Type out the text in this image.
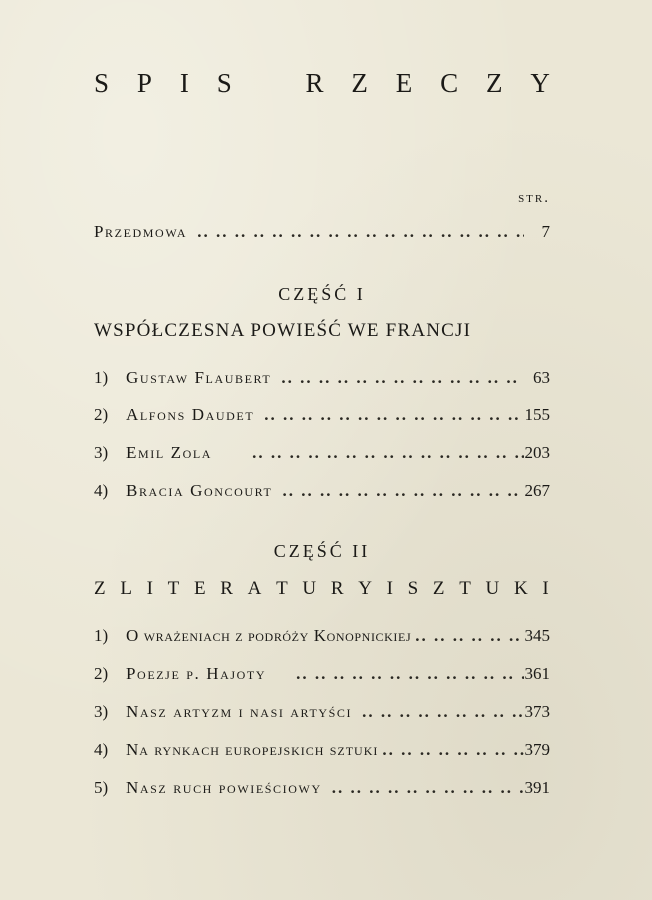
S P I S	R Z E C Z Y
str.
Przedmowa .. ..	7
CZĘŚĆ I
WSPÓŁCZESNA POWIEŚĆ WE FRANCJI
1)	Gustaw Flaubert .. ..	63
2)	Alfons Daudet .. ..	155
3)	Emil Zola .. ..	203
4)	Bracia Goncourt .. ..	267
CZĘŚĆ II
Z L I T E R A T U R Y I S Z T U K I
1)	O wrażeniach z podróży Konopnickiej .. ..	345
2)	Poezje p. Hajoty .. ..	361
3)	Nasz artyzm i nasi artyści .. ..	373
4)	Na rynkach europejskich sztuki .. ..	379
5)	Nasz ruch powieściowy .. ..	391
